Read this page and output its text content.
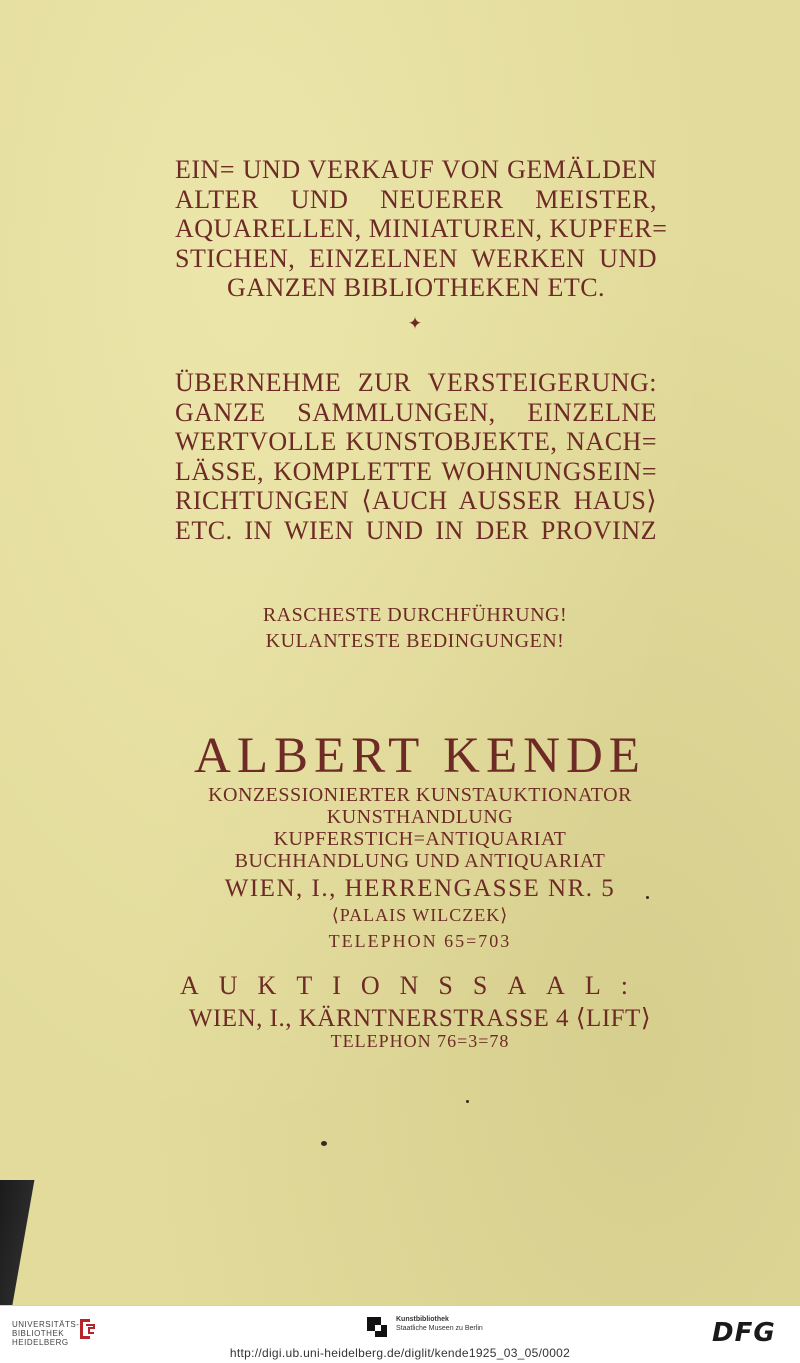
EIN= UND VERKAUF VON GEMÄLDEN
ALTER UND NEUERER MEISTER,
AQUARELLEN, MINIATUREN, KUPFER=
STICHEN, EINZELNEN WERKEN UND
GANZEN BIBLIOTHEKEN ETC.
✦
ÜBERNEHME ZUR VERSTEIGERUNG:
GANZE SAMMLUNGEN, EINZELNE
WERTVOLLE KUNSTOBJEKTE, NACH=
LÄSSE, KOMPLETTE WOHNUNGSEIN=
RICHTUNGEN ⟨AUCH AUSSER HAUS⟩
ETC. IN WIEN UND IN DER PROVINZ
RASCHESTE DURCHFÜHRUNG!
KULANTESTE BEDINGUNGEN!
ALBERT KENDE
KONZESSIONIERTER KUNSTAUKTIONATOR
KUNSTHANDLUNG
KUPFERSTICH=ANTIQUARIAT
BUCHHANDLUNG UND ANTIQUARIAT
WIEN, I., HERRENGASSE NR. 5
⟨PALAIS WILCZEK⟩
TELEPHON 65=703
AUKTIONSSAAL:
WIEN, I., KÄRNTNERSTRASSE 4 ⟨LIFT⟩
TELEPHON 76=3=78
UNIVERSITÄTS-
BIBLIOTHEK
HEIDELBERG
Kunstbibliothek
Staatliche Museen zu Berlin	DFG
http://digi.ub.uni-heidelberg.de/diglit/kende1925_03_05/0002
